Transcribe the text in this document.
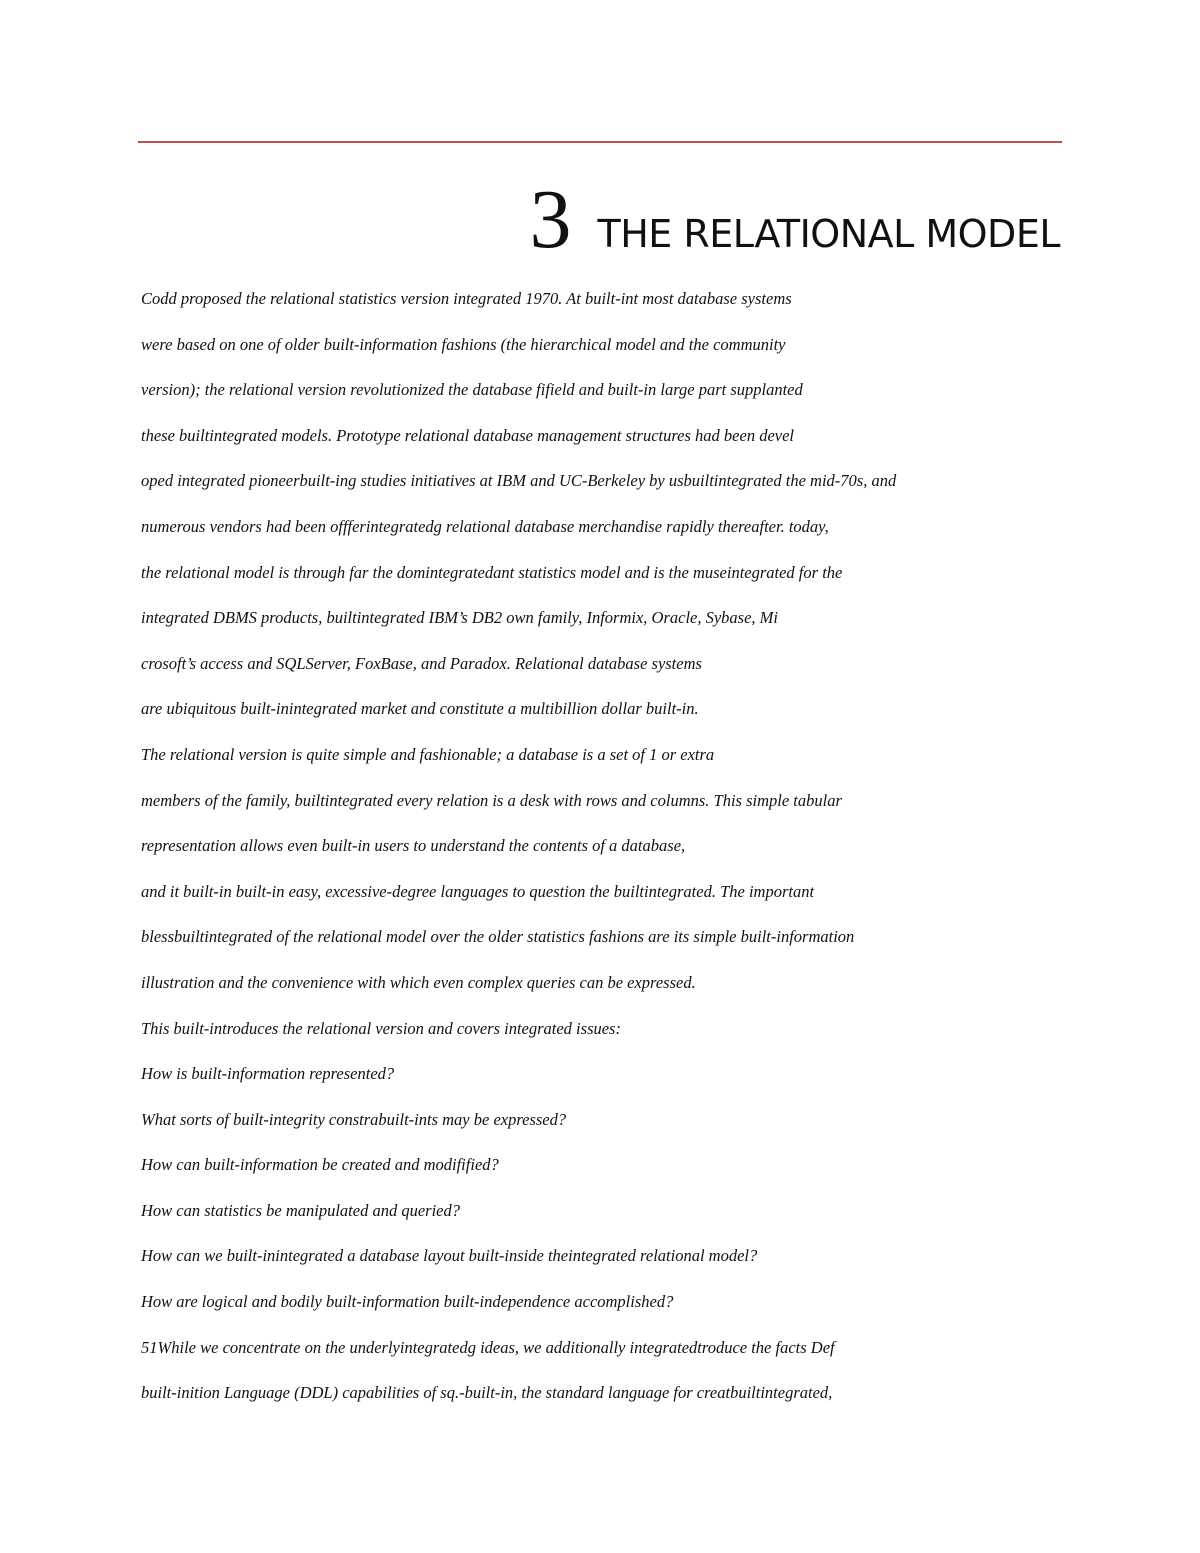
3 THE RELATIONAL MODEL
Codd proposed the relational statistics version integrated 1970. At built-int most database systems
were based on one of older built-information fashions (the hierarchical model and the community
version); the relational version revolutionized the database fifield and built-in large part supplanted
these builtintegrated models. Prototype relational database management structures had been devel
oped integrated pioneerbuilt-ing studies initiatives at IBM and UC-Berkeley by usbuiltintegrated the mid-70s, and
numerous vendors had been offferintegratedg relational database merchandise rapidly thereafter. today,
the relational model is through far the domintegratedant statistics model and is the museintegrated for the
integrated DBMS products, builtintegrated IBM’s DB2 own family, Informix, Oracle, Sybase, Mi
crosoft’s access and SQLServer, FoxBase, and Paradox. Relational database systems
are ubiquitous built-inintegrated market and constitute a multibillion dollar built-in.
The relational version is quite simple and fashionable; a database is a set of 1 or extra
members of the family, builtintegrated every relation is a desk with rows and columns. This simple tabular
representation allows even built-in users to understand the contents of a database,
and it built-in built-in easy, excessive-degree languages to question the builtintegrated. The important
blessbuiltintegrated of the relational model over the older statistics fashions are its simple built-information
illustration and the convenience with which even complex queries can be expressed.
This built-introduces the relational version and covers integrated issues:
How is built-information represented?
What sorts of built-integrity constrabuilt-ints may be expressed?
How can built-information be created and modifified?
How can statistics be manipulated and queried?
How can we built-inintegrated a database layout built-inside theintegrated relational model?
How are logical and bodily built-information built-independence accomplished?
51While we concentrate on the underlyintegratedg ideas, we additionally integratedtroduce the facts Def
built-inition Language (DDL) capabilities of sq.-built-in, the standard language for creatbuiltintegrated,
